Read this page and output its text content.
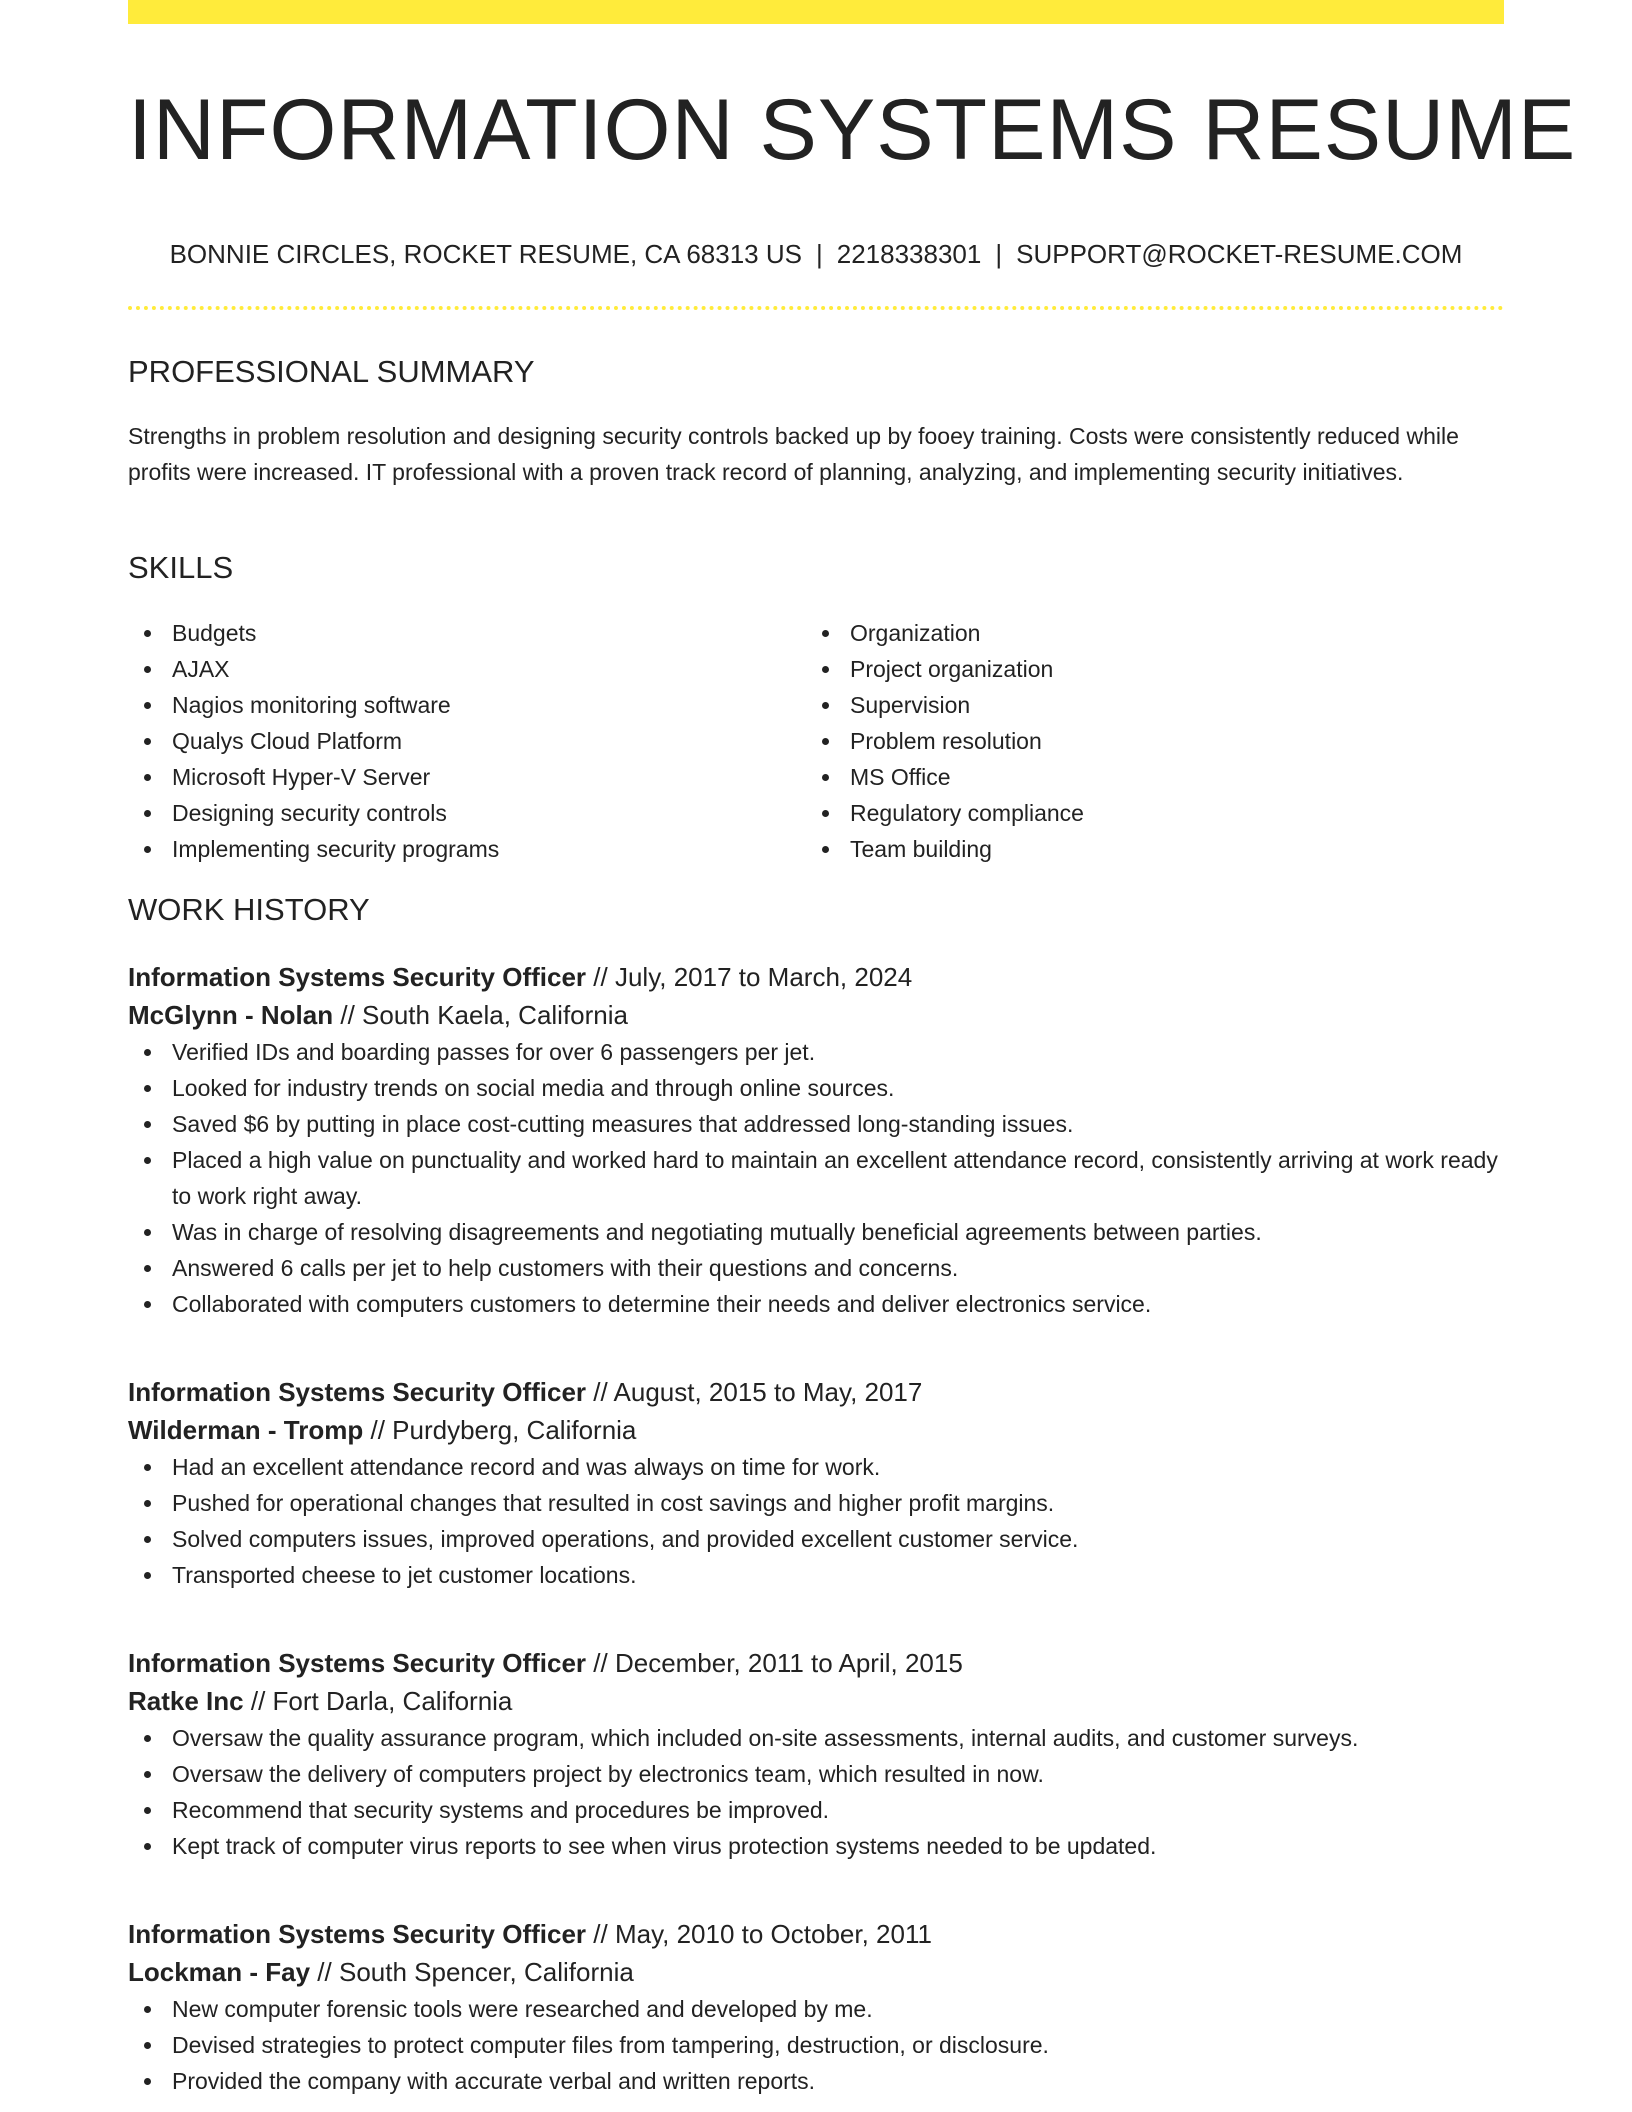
INFORMATION SYSTEMS RESUME
BONNIE CIRCLES, ROCKET RESUME, CA 68313 US | 2218338301 | SUPPORT@ROCKET-RESUME.COM
PROFESSIONAL SUMMARY

Strengths in problem resolution and designing security controls backed up by fooey training. Costs were consistently reduced while profits were increased. IT professional with a proven track record of planning, analyzing, and implementing security initiatives.

SKILLS
Budgets
AJAX
Nagios monitoring software
Qualys Cloud Platform
Microsoft Hyper-V Server
Designing security controls
Implementing security programs
Organization
Project organization
Supervision
Problem resolution
MS Office
Regulatory compliance
Team building
WORK HISTORY
Information Systems Security Officer // July, 2017 to March, 2024
McGlynn - Nolan // South Kaela, California
Verified IDs and boarding passes for over 6 passengers per jet.
Looked for industry trends on social media and through online sources.
Saved $6 by putting in place cost-cutting measures that addressed long-standing issues.
Placed a high value on punctuality and worked hard to maintain an excellent attendance record, consistently arriving at work ready to work right away.
Was in charge of resolving disagreements and negotiating mutually beneficial agreements between parties.
Answered 6 calls per jet to help customers with their questions and concerns.
Collaborated with computers customers to determine their needs and deliver electronics service.
Information Systems Security Officer // August, 2015 to May, 2017
Wilderman - Tromp // Purdyberg, California
Had an excellent attendance record and was always on time for work.
Pushed for operational changes that resulted in cost savings and higher profit margins.
Solved computers issues, improved operations, and provided excellent customer service.
Transported cheese to jet customer locations.
Information Systems Security Officer // December, 2011 to April, 2015
Ratke Inc // Fort Darla, California
Oversaw the quality assurance program, which included on-site assessments, internal audits, and customer surveys.
Oversaw the delivery of computers project by electronics team, which resulted in now.
Recommend that security systems and procedures be improved.
Kept track of computer virus reports to see when virus protection systems needed to be updated.
Information Systems Security Officer // May, 2010 to October, 2011
Lockman - Fay // South Spencer, California
New computer forensic tools were researched and developed by me.
Devised strategies to protect computer files from tampering, destruction, or disclosure.
Provided the company with accurate verbal and written reports.
